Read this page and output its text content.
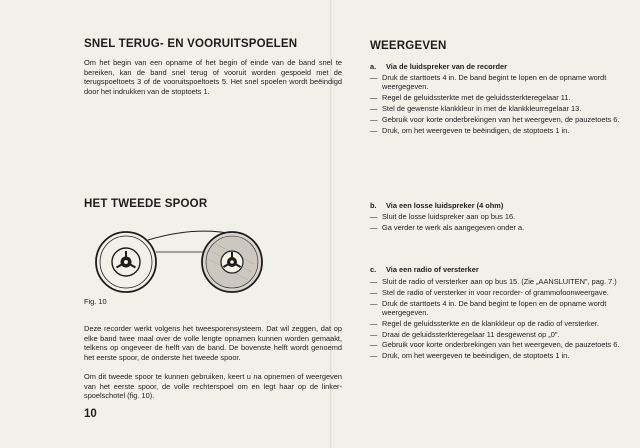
SNEL TERUG- EN VOORUITSPOELEN

Om het begin van een opname of het begin of einde van de band snel te bereiken, kan de band snel terug of vooruit worden gespoeld met de terugspoeltoets 3 of de vooruitspoeltoets 5. Het snel spoelen wordt beëindigd door het indrukken van de stoptoets 1.

HET TWEEDE SPOOR

Fig. 10

Deze recorder werkt volgens het tweesporensysteem. Dat wil zeggen, dat op elke band twee maal over de volle lengte opnamen kunnen worden gemaakt, telkens op ongeveer de helft van de band. De bovenste helft wordt genoemd het eerste spoor, de onderste het tweede spoor.

Om dit tweede spoor te kunnen gebruiken, keert u na opnemen of weergeven van het eerste spoor, de volle rechterspoel om en legt haar op de linker-spoelschotel (fig. 10).

10

WEERGEVEN

a. Via de luidspreker van de recorder

— Druk de starttoets 4 in. De band begint te lopen en de opname wordt weergegeven.
— Regel de geluidssterkte met de geluidssterkteregelaar 11.
— Stel de gewenste klankkleur in met de klankkleurregelaar 13.
— Gebruik voor korte onderbrekingen van het weergeven, de pauzetoets 6.
— Druk, om het weergeven te beëindigen, de stoptoets 1 in.

b. Via een losse luidspreker (4 ohm)

— Sluit de losse luidspreker aan op bus 16.
— Ga verder te werk als aangegeven onder a.

c. Via een radio of versterker

— Sluit de radio of versterker aan op bus 15. (Zie „AANSLUITEN", pag. 7.)
— Stel de radio of versterker in voor recorder- of grammofoonweergave.
— Druk de starttoets 4 in. De band begint te lopen en de opname wordt weergegeven.
— Regel de geluidssterkte en de klankkleur op de radio of versterker.
— Draai de geluidssterkteregelaar 11 desgewenst op „0".
— Gebruik voor korte onderbrekingen van het weergeven, de pauzetoets 6.
— Druk, om het weergeven te beëindigen, de stoptoets 1 in.
